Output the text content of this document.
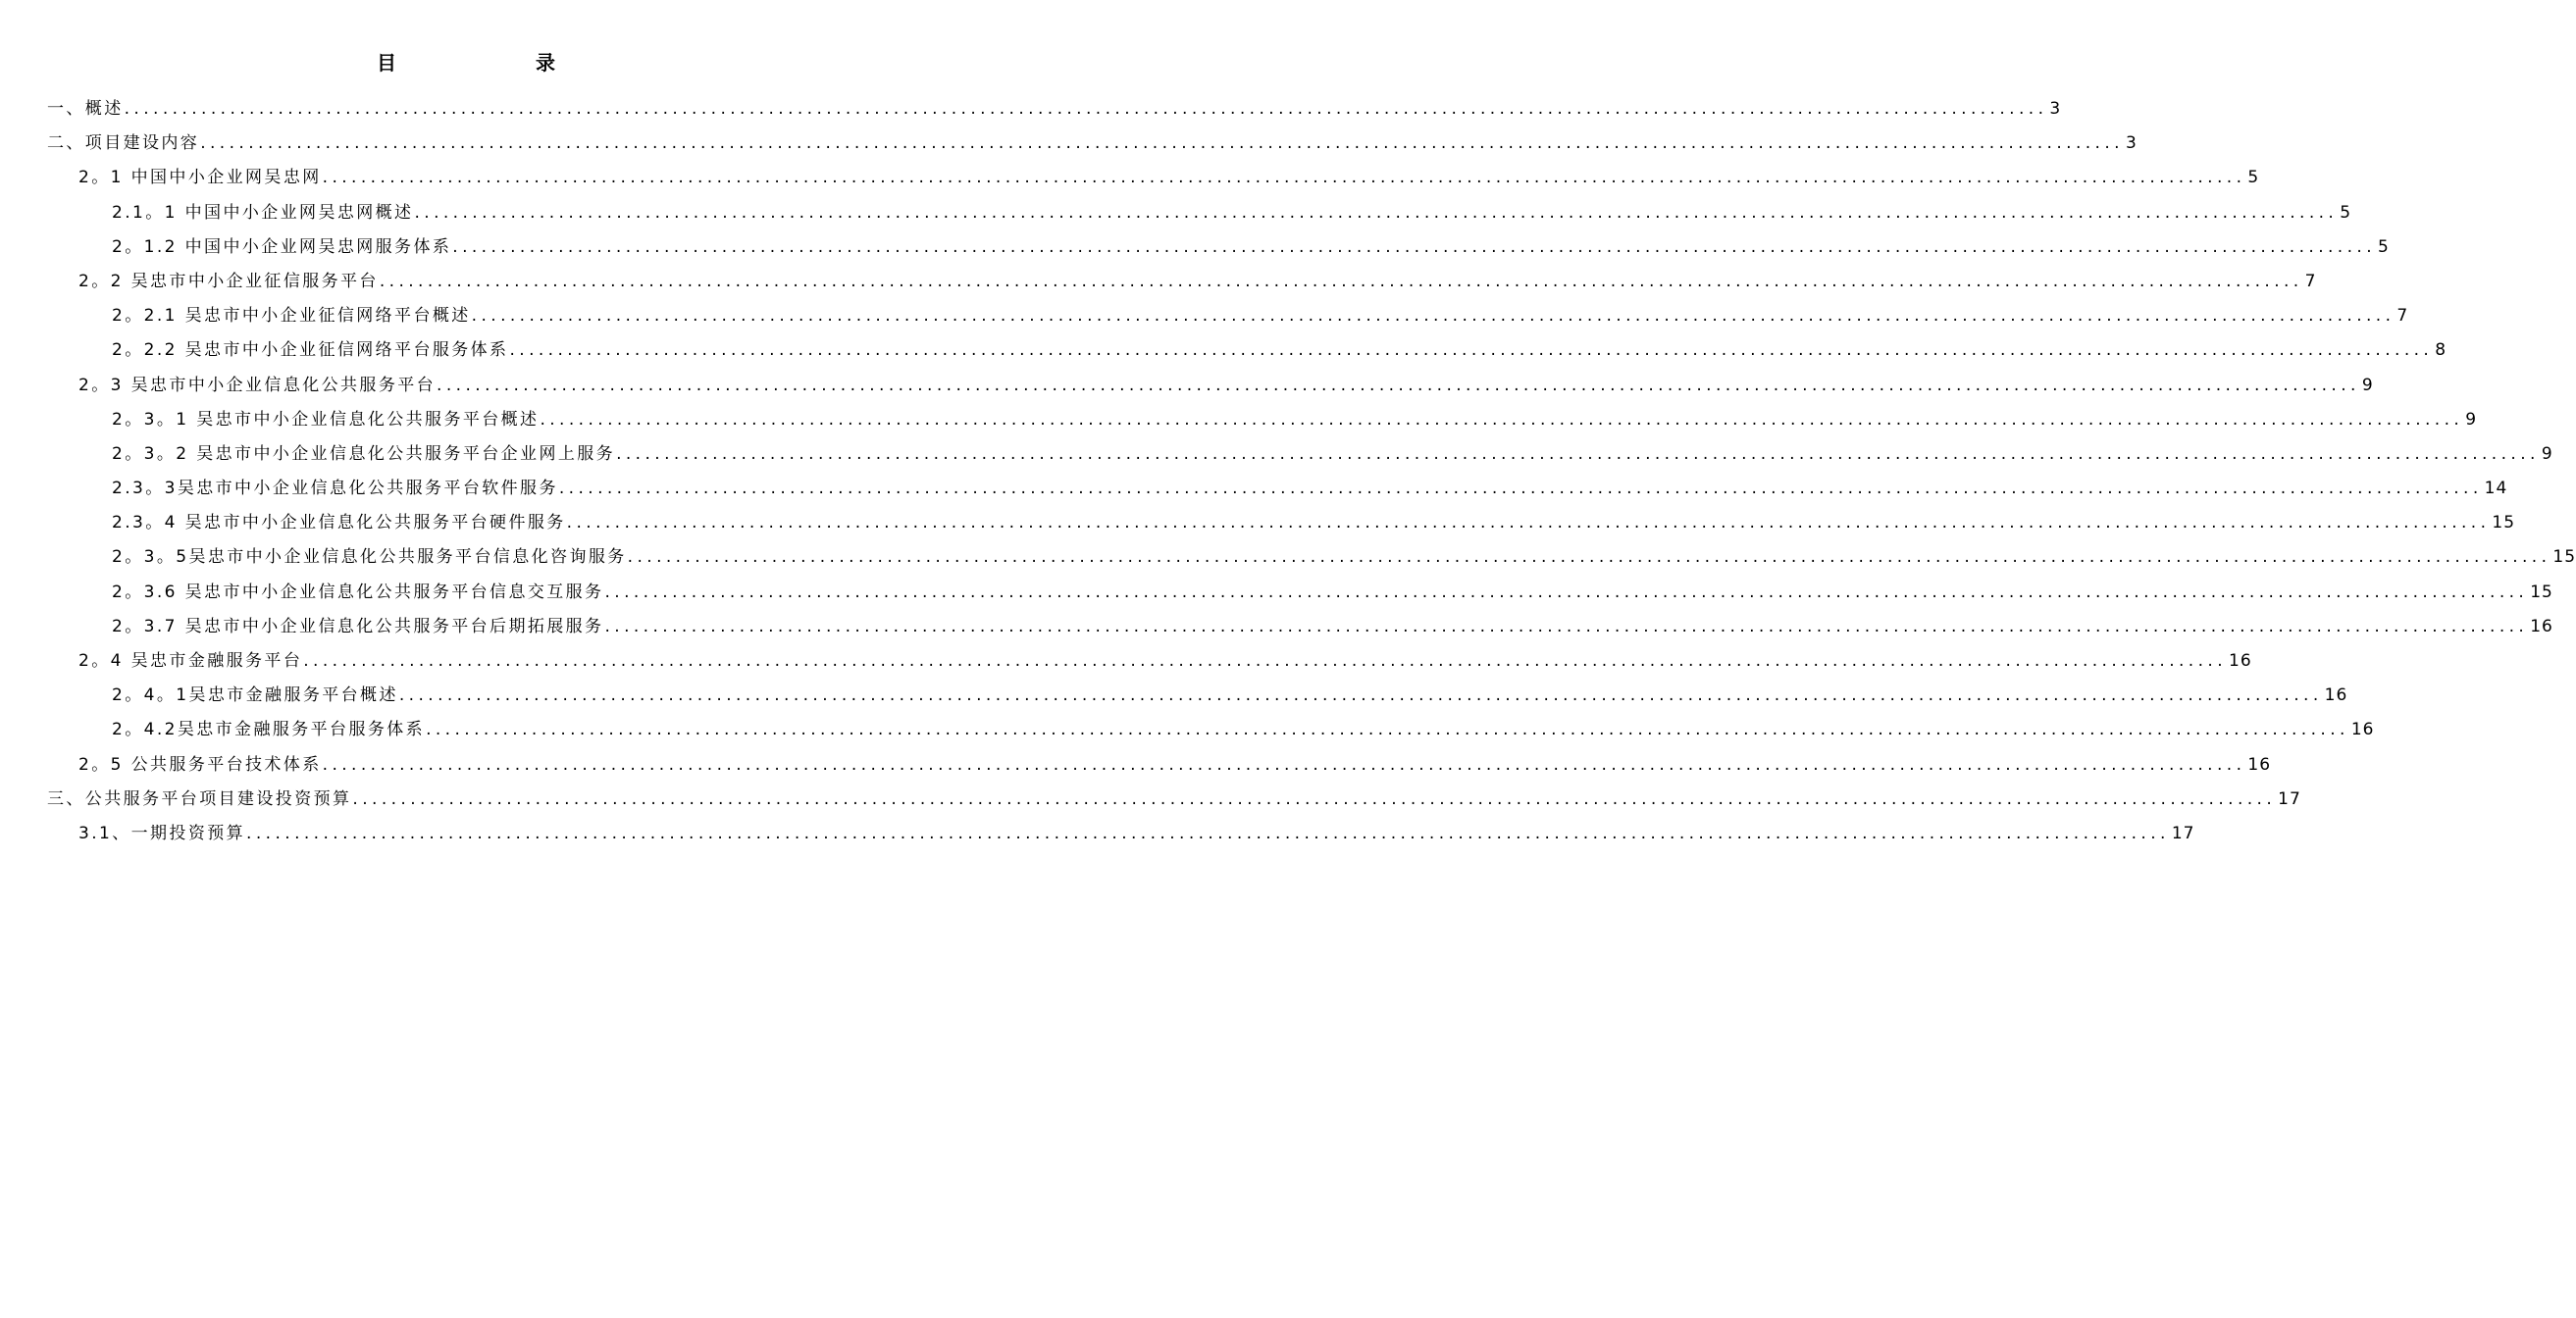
目　　录
一、概述 ........................................................................................................................................................................................................ 3
二、项目建设内容 ........................................................................................................................................................................................................ 3
2。1 中国中小企业网吴忠网 ........................................................................................................................................................................................................ 5
2.1。1 中国中小企业网吴忠网概述 ........................................................................................................................................................................................................ 5
2。1.2 中国中小企业网吴忠网服务体系 ........................................................................................................................................................................................................ 5
2。2 吴忠市中小企业征信服务平台 ........................................................................................................................................................................................................ 7
2。2.1 吴忠市中小企业征信网络平台概述 ........................................................................................................................................................................................................ 7
2。2.2 吴忠市中小企业征信网络平台服务体系 ........................................................................................................................................................................................................ 8
2。3 吴忠市中小企业信息化公共服务平台 ........................................................................................................................................................................................................ 9
2。3。1 吴忠市中小企业信息化公共服务平台概述 ........................................................................................................................................................................................................ 9
2。3。2 吴忠市中小企业信息化公共服务平台企业网上服务 ........................................................................................................................................................................................................ 9
2.3。3吴忠市中小企业信息化公共服务平台软件服务 ........................................................................................................................................................................................................ 14
2.3。4 吴忠市中小企业信息化公共服务平台硬件服务 ........................................................................................................................................................................................................ 15
2。3。5吴忠市中小企业信息化公共服务平台信息化咨询服务 ........................................................................................................................................................................................................ 15
2。3.6 吴忠市中小企业信息化公共服务平台信息交互服务 ........................................................................................................................................................................................................ 15
2。3.7 吴忠市中小企业信息化公共服务平台后期拓展服务 ........................................................................................................................................................................................................ 16
2。4 吴忠市金融服务平台 ........................................................................................................................................................................................................ 16
2。4。1吴忠市金融服务平台概述 ........................................................................................................................................................................................................ 16
2。4.2吴忠市金融服务平台服务体系 ........................................................................................................................................................................................................ 16
2。5 公共服务平台技术体系 ........................................................................................................................................................................................................ 16
三、公共服务平台项目建设投资预算 ........................................................................................................................................................................................................ 17
3.1、一期投资预算 ........................................................................................................................................................................................................ 17
